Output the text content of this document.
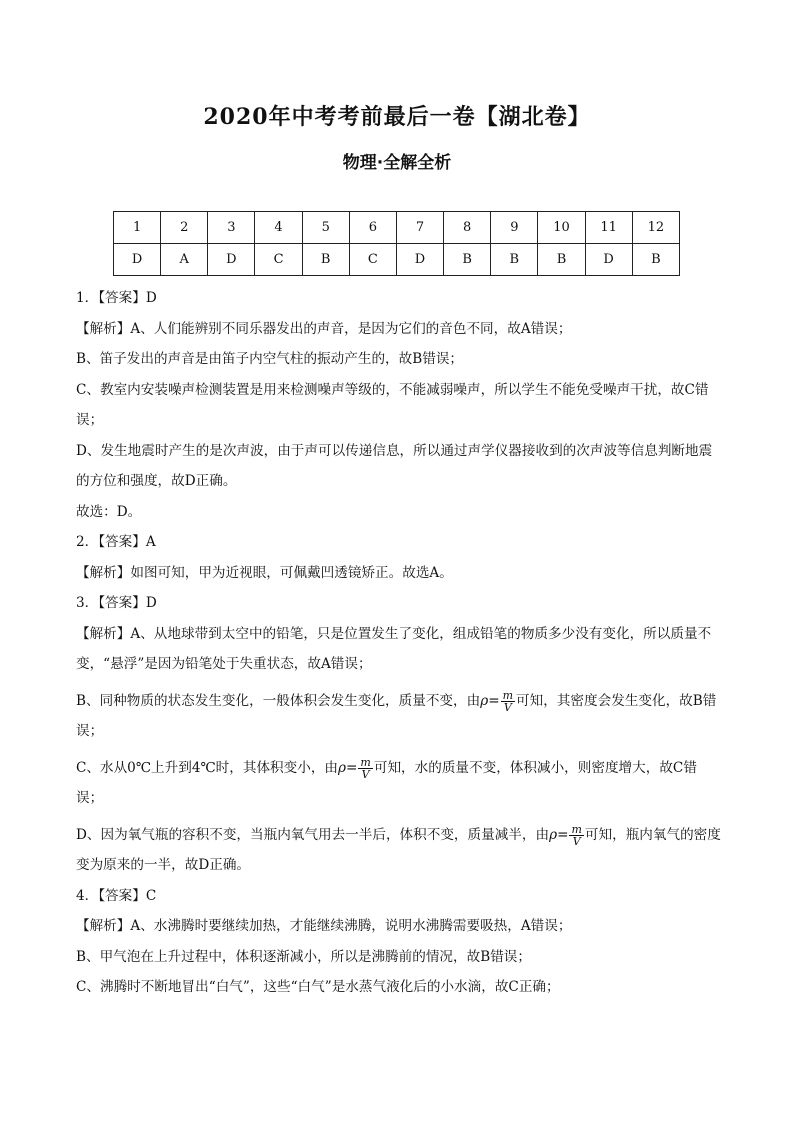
2020年中考考前最后一卷【湖北卷】
物理·全解全析
1	2	3	4	5	6	7	8	9	10	11	12
D	A	D	C	B	C	D	B	B	B	D	B

1．【答案】D

【解析】A、人们能辨别不同乐器发出的声音，是因为它们的音色不同，故A错误；

B、笛子发出的声音是由笛子内空气柱的振动产生的，故B错误；

C、教室内安装噪声检测装置是用来检测噪声等级的，不能减弱噪声，所以学生不能免受噪声干扰，故C错误；

D、发生地震时产生的是次声波，由于声可以传递信息，所以通过声学仪器接收到的次声波等信息判断地震的方位和强度，故D正确。

故选：D。

2．【答案】A

【解析】如图可知，甲为近视眼，可佩戴凹透镜矫正。故选A。

3．【答案】D

【解析】A、从地球带到太空中的铅笔，只是位置发生了变化，组成铅笔的物质多少没有变化，所以质量不变，“悬浮”是因为铅笔处于失重状态，故A错误；

B、同种物质的状态发生变化，一般体积会发生变化，质量不变，由$\rho= \frac{m}{V}$ 可知，其密度会发生变化，故B错误；

C、水从0℃上升到4℃时，其体积变小，由$\rho= \frac{m}{V}$ 可知，水的质量不变，体积减小，则密度增大，故C错误；

D、因为氧气瓶的容积不变，当瓶内氧气用去一半后，体积不变，质量减半，由$\rho= \frac{m}{V}$ 可知，瓶内氧气的密度变为原来的一半，故D正确。

4．【答案】C

【解析】A、水沸腾时要继续加热，才能继续沸腾，说明水沸腾需要吸热，A错误；

B、甲气泡在上升过程中，体积逐渐减小，所以是沸腾前的情况，故B错误；

C、沸腾时不断地冒出“白气”，这些“白气”是水蒸气液化后的小水滴，故C正确；
